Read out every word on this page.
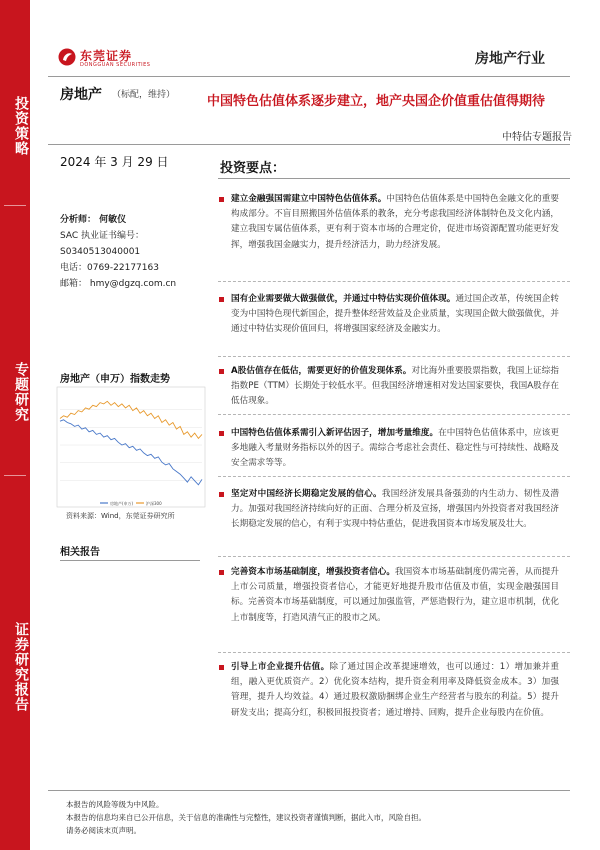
投资策略
专题研究
证券研究报告
东莞证券
DONGGUAN SECURITIES	房地产行业
房地产 （标配，维持） 中国特色估值体系逐步建立，地产央国企价值重估值得期待
中特估专题报告
2024 年 3 月 29 日
分析师： 何敏仪
SAC 执业证书编号：
S0340513040001
电话：0769-22177163
邮箱： hmy@dgzq.com.cn
房地产（申万）指数走势
房地产(申万)	沪深300
资料来源：Wind，东莞证券研究所
相关报告
投资要点：
建立金融强国需建立中国特色估值体系。中国特色估值体系是中国特色金融文化的重要构成部分。不盲目照搬国外估值体系的教条，充分考虑我国经济体制特色及文化内涵，建立我国专属估值体系，更有利于资本市场的合理定价，促进市场资源配置功能更好发挥，增强我国金融实力，提升经济活力，助力经济发展。
国有企业需要做大做强做优，并通过中特估实现价值体现。通过国企改革，传统国企转变为中国特色现代新国企，提升整体经营效益及企业质量，实现国企做大做强做优，并通过中特估实现价值回归，将增强国家经济及金融实力。
A股估值存在低估，需要更好的价值发现体系。对比海外重要股票指数，我国上证综指指数PE（TTM）长期处于较低水平。但我国经济增速相对发达国家要快，我国A股存在低估现象。
中国特色估值体系需引入新评估因子，增加考量维度。在中国特色估值体系中，应该更多地融入考量财务指标以外的因子。需综合考虑社会责任、稳定性与可持续性、战略及安全需求等等。
坚定对中国经济长期稳定发展的信心。我国经济发展具备强劲的内生动力、韧性及潜力。加强对我国经济持续向好的正面、合理分析及宣扬，增强国内外投资者对我国经济长期稳定发展的信心，有利于实现中特估重估，促进我国资本市场发展及壮大。
完善资本市场基础制度，增强投资者信心。我国资本市场基础制度仍需完善，从而提升上市公司质量，增强投资者信心，才能更好地提升股市估值及市值，实现金融强国目标。完善资本市场基础制度，可以通过加强监管，严惩造假行为，建立退市机制，优化上市制度等，打造风清气正的股市之风。
引导上市企业提升估值。除了通过国企改革提速增效，也可以通过：1）增加兼并重组，融入更优质资产。2）优化资本结构，提升资金利用率及降低资金成本。3）加强管理，提升人均效益。4）通过股权激励捆绑企业生产经营者与股东的利益。5）提升研发支出；提高分红，积极回报投资者；通过增持、回购，提升企业每股内在价值。
本报告的风险等级为中风险。
本报告的信息均来自已公开信息，关于信息的准确性与完整性，建议投资者谨慎判断，据此入市，风险自担。
请务必阅读末页声明。
